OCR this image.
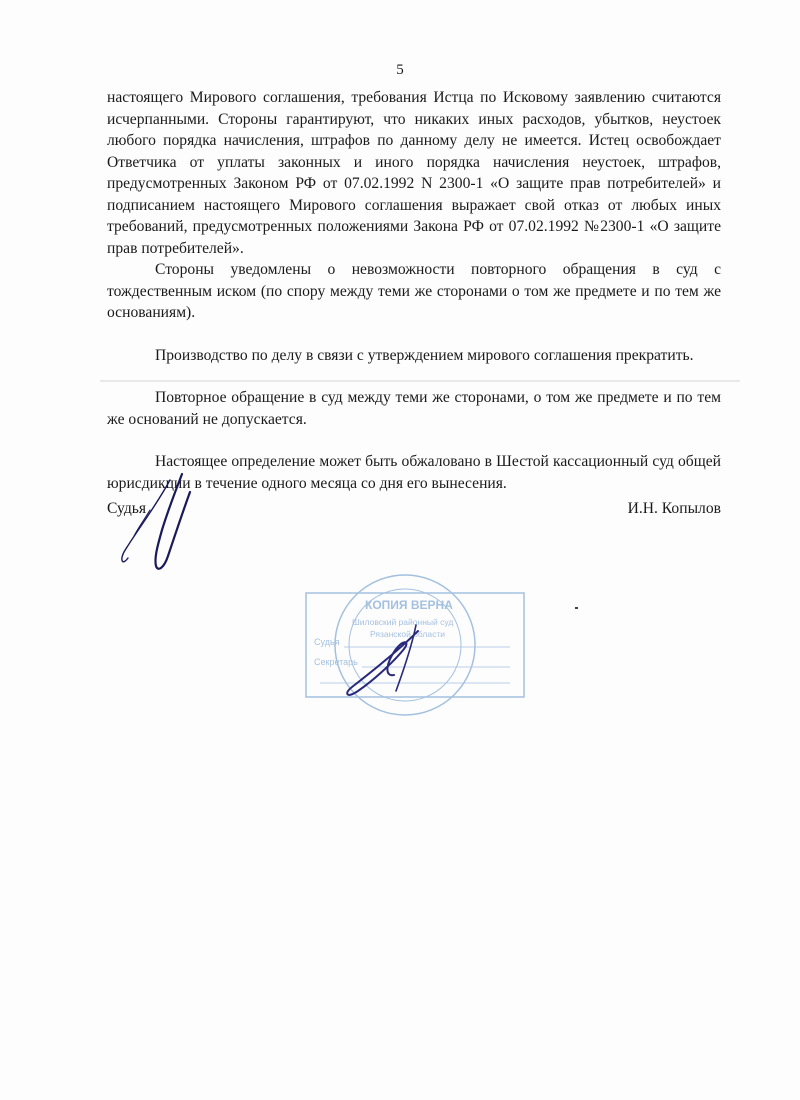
5

настоящего Мирового соглашения, требования Истца по Исковому заявлению считаются исчерпанными. Стороны гарантируют, что никаких иных расходов, убытков, неустоек любого порядка начисления, штрафов по данному делу не имеется. Истец освобождает Ответчика от уплаты законных и иного порядка начисления неустоек, штрафов, предусмотренных Законом РФ от 07.02.1992 N 2300-1 «О защите прав потребителей» и подписанием настоящего Мирового соглашения выражает свой отказ от любых иных требований, предусмотренных положениями Закона РФ от 07.02.1992 №2300-1 «О защите прав потребителей».

Стороны уведомлены о невозможности повторного обращения в суд с тождественным иском (по спору между теми же сторонами о том же предмете и по тем же основаниям).

Производство по делу в связи с утверждением мирового соглашения прекратить.

Повторное обращение в суд между теми же сторонами, о том же предмете и по тем же оснований не допускается.

Настоящее определение может быть обжаловано в Шестой кассационный суд общей юрисдикции в течение одного месяца со дня его вынесения.

Судья	И.Н. Копылов
КОПИЯ ВЕРНА
Шиловский районный суд
Рязанской области
Судья
Секретарь
